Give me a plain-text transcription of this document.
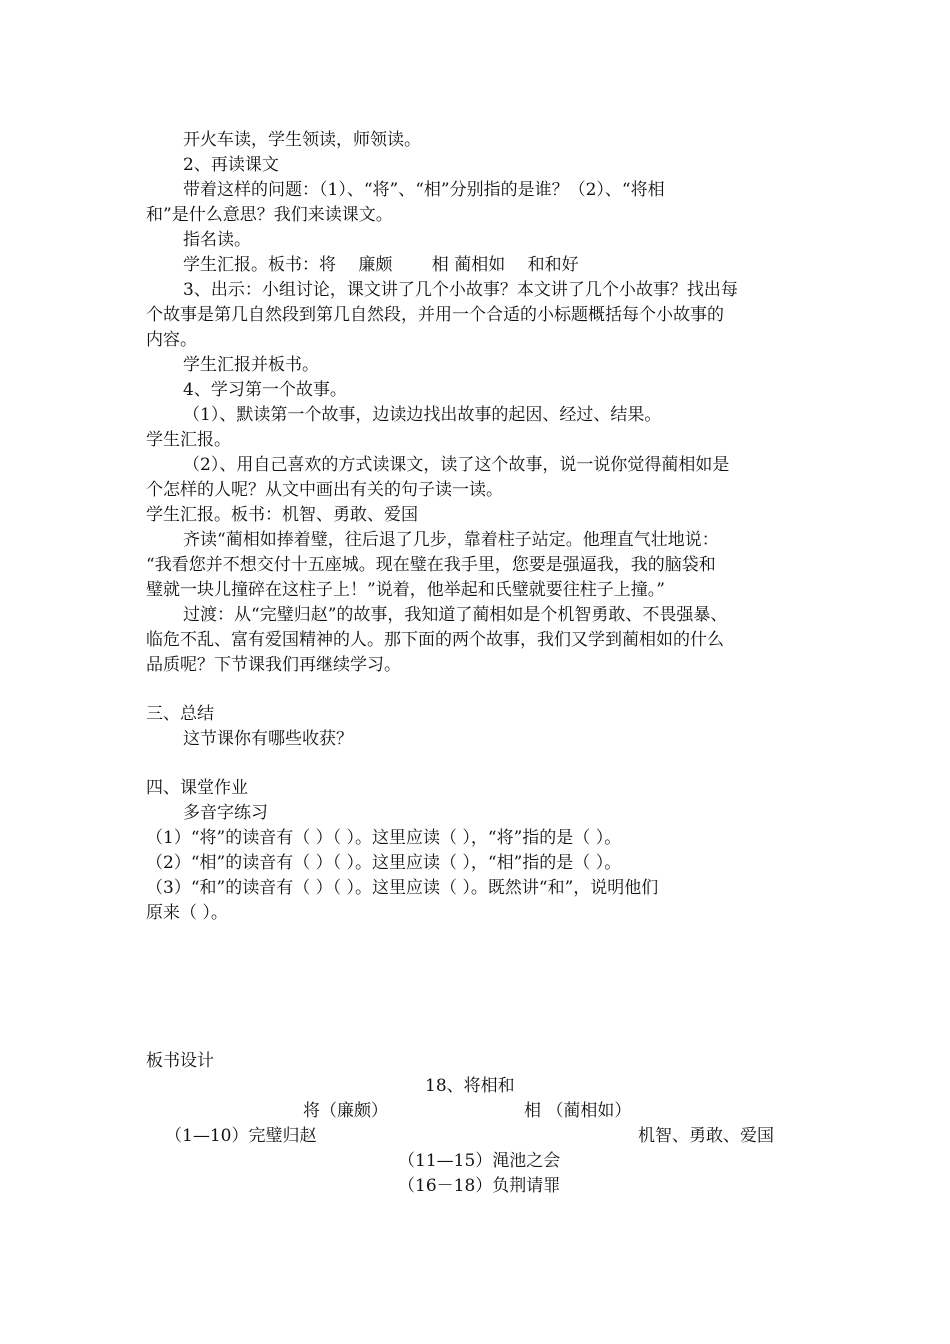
开火车读，学生领读，师领读。
2、再读课文
带着这样的问题：（1）、“将”、“相”分别指的是谁？（2）、“将相
和”是什么意思？我们来读课文。
指名读。
学生汇报。板书：将　 廉颇　 　相 蔺相如 　和和好
3、出示：小组讨论，课文讲了几个小故事？本文讲了几个小故事？找出每
个故事是第几自然段到第几自然段，并用一个合适的小标题概括每个小故事的
内容。
学生汇报并板书。
4、学习第一个故事。
（1）、默读第一个故事，边读边找出故事的起因、经过、结果。
学生汇报。
（2）、用自己喜欢的方式读课文，读了这个故事，说一说你觉得蔺相如是
个怎样的人呢？从文中画出有关的句子读一读。
学生汇报。板书：机智、勇敢、爱国
齐读“蔺相如捧着璧，往后退了几步，靠着柱子站定。他理直气壮地说：
“我看您并不想交付十五座城。现在璧在我手里，您要是强逼我，我的脑袋和
璧就一块儿撞碎在这柱子上！”说着，他举起和氏璧就要往柱子上撞。”
过渡：从“完璧归赵”的故事，我知道了蔺相如是个机智勇敢、不畏强暴、
临危不乱、富有爱国精神的人。那下面的两个故事，我们又学到蔺相如的什么
品质呢？下节课我们再继续学习。
三、总结
这节课你有哪些收获？
四、课堂作业
多音字练习
（1）“将”的读音有（ ）（ ）。这里应读（ ），“将”指的是（ ）。
（2）“相”的读音有（ ）（ ）。这里应读（ ），“相”指的是（ ）。
（3）“和”的读音有（ ）（ ）。这里应读（ ）。既然讲“和”，说明他们
原来（ ）。
板书设计
18、将相和
将（廉颇）	相 （蔺相如）
（1—10）完璧归赵	机智、勇敢、爱国
（11—15）渑池之会
（16－18）负荆请罪
